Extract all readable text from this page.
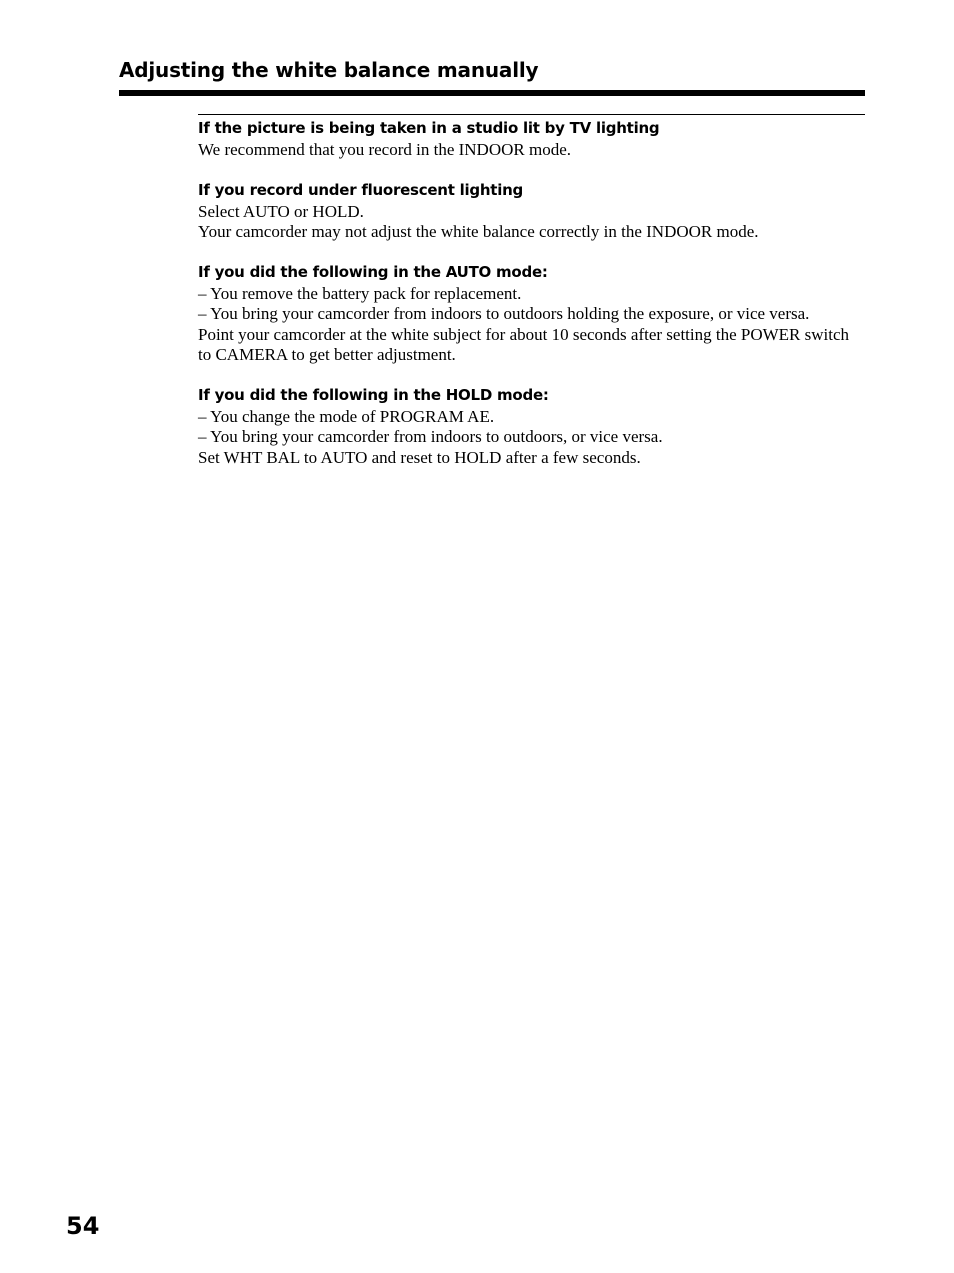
Adjusting the white balance manually
If the picture is being taken in a studio lit by TV lighting

We recommend that you record in the INDOOR mode.

If you record under fluorescent lighting

Select AUTO or HOLD.

Your camcorder may not adjust the white balance correctly in the INDOOR mode.

If you did the following in the AUTO mode:

– You remove the battery pack for replacement.

– You bring your camcorder from indoors to outdoors holding the exposure, or vice versa.

Point your camcorder at the white subject for about 10 seconds after setting the POWER switch to CAMERA to get better adjustment.

If you did the following in the HOLD mode:

– You change the mode of PROGRAM AE.

– You bring your camcorder from indoors to outdoors, or vice versa.

Set WHT BAL to AUTO and reset to HOLD after a few seconds.

54
